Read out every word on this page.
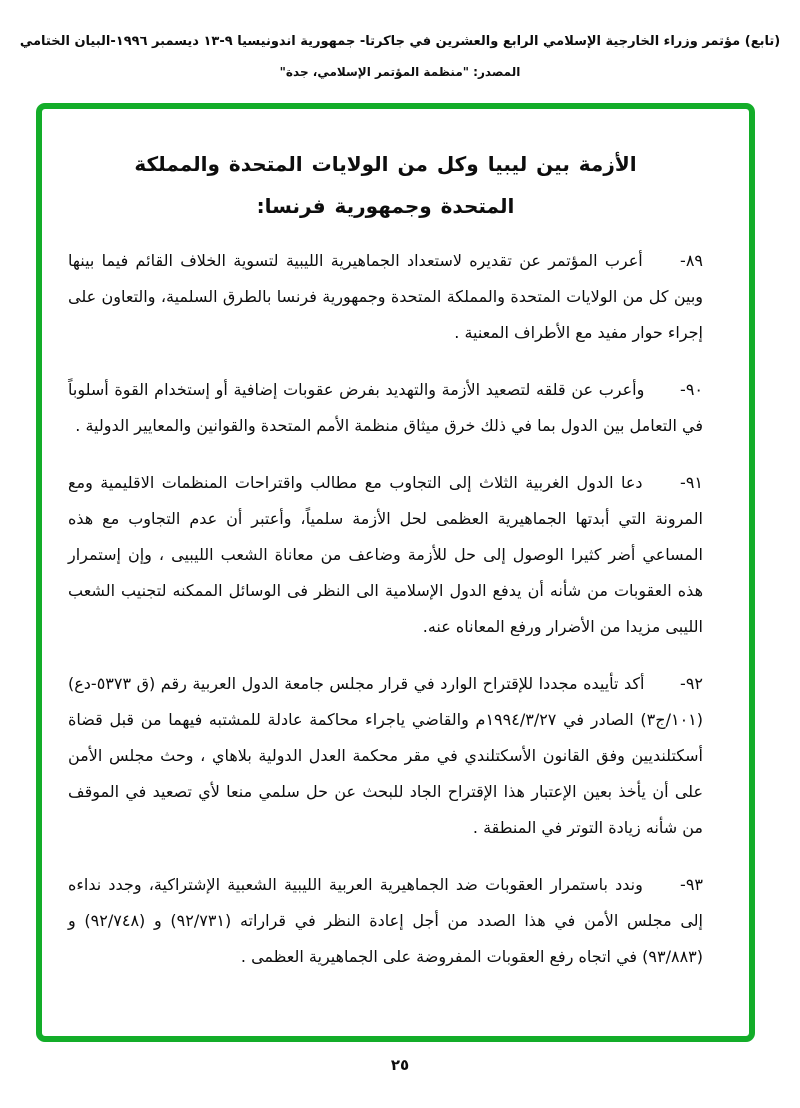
(تابع) مؤتمر وزراء الخارجية الإسلامي الرابع والعشرين في جاكرتا- جمهورية اندونيسيا ٩-١٣ ديسمبر ١٩٩٦-البيان الختامي
المصدر: "منظمة المؤتمر الإسلامي، جدة"
الأزمة بين ليبيا وكل من الولايات المتحدة والمملكة
المتحدة وجمهورية فرنسا:

٨٩- أعرب المؤتمر عن تقديره لاستعداد الجماهيرية الليبية لتسوية الخلاف القائم فيما بينها وبين كل من الولايات المتحدة والمملكة المتحدة وجمهورية فرنسا بالطرق السلمية، والتعاون على إجراء حوار مفيد مع الأطراف المعنية .

٩٠- وأعرب عن قلقه لتصعيد الأزمة والتهديد بفرض عقوبات إضافية أو إستخدام القوة أسلوباً في التعامل بين الدول بما في ذلك خرق ميثاق منظمة الأمم المتحدة والقوانين والمعايير الدولية .

٩١- دعا الدول الغربية الثلاث إلى التجاوب مع مطالب واقتراحات المنظمات الاقليمية ومع المرونة التي أبدتها الجماهيرية العظمى لحل الأزمة سلمياً، وأعتبر أن عدم التجاوب مع هذه المساعي أضر كثيرا الوصول إلى حل للأزمة وضاعف من معاناة الشعب الليبيى ، وإن إستمرار هذه العقوبات من شأنه أن يدفع الدول الإسلامية الى النظر فى الوسائل الممكنه لتجنيب الشعب الليبى مزيدا من الأضرار ورفع المعاناه عنه.

٩٢- أكد تأييده مجددا للإقتراح الوارد في قرار مجلس جامعة الدول العربية رقم (ق ٥٣٧٣-دع) (١٠١/ج٣) الصادر في ١٩٩٤/٣/٢٧م والقاضي ياجراء محاكمة عادلة للمشتبه فيهما من قبل قضاة أسكتلنديين وفق القانون الأسكتلندي في مقر محكمة العدل الدولية بلاهاي ، وحث مجلس الأمن على أن يأخذ بعين الإعتبار هذا الإقتراح الجاد للبحث عن حل سلمي منعا لأي تصعيد في الموقف من شأنه زيادة التوتر في المنطقة .

٩٣- وندد باستمرار العقوبات ضد الجماهيرية العربية الليبية الشعبية الإشتراكية، وجدد نداءه إلى مجلس الأمن في هذا الصدد من أجل إعادة النظر في قراراته (٩٢/٧٣١) و (٩٢/٧٤٨) و (٩٣/٨٨٣) في اتجاه رفع العقوبات المفروضة على الجماهيرية العظمى .

٢٥
